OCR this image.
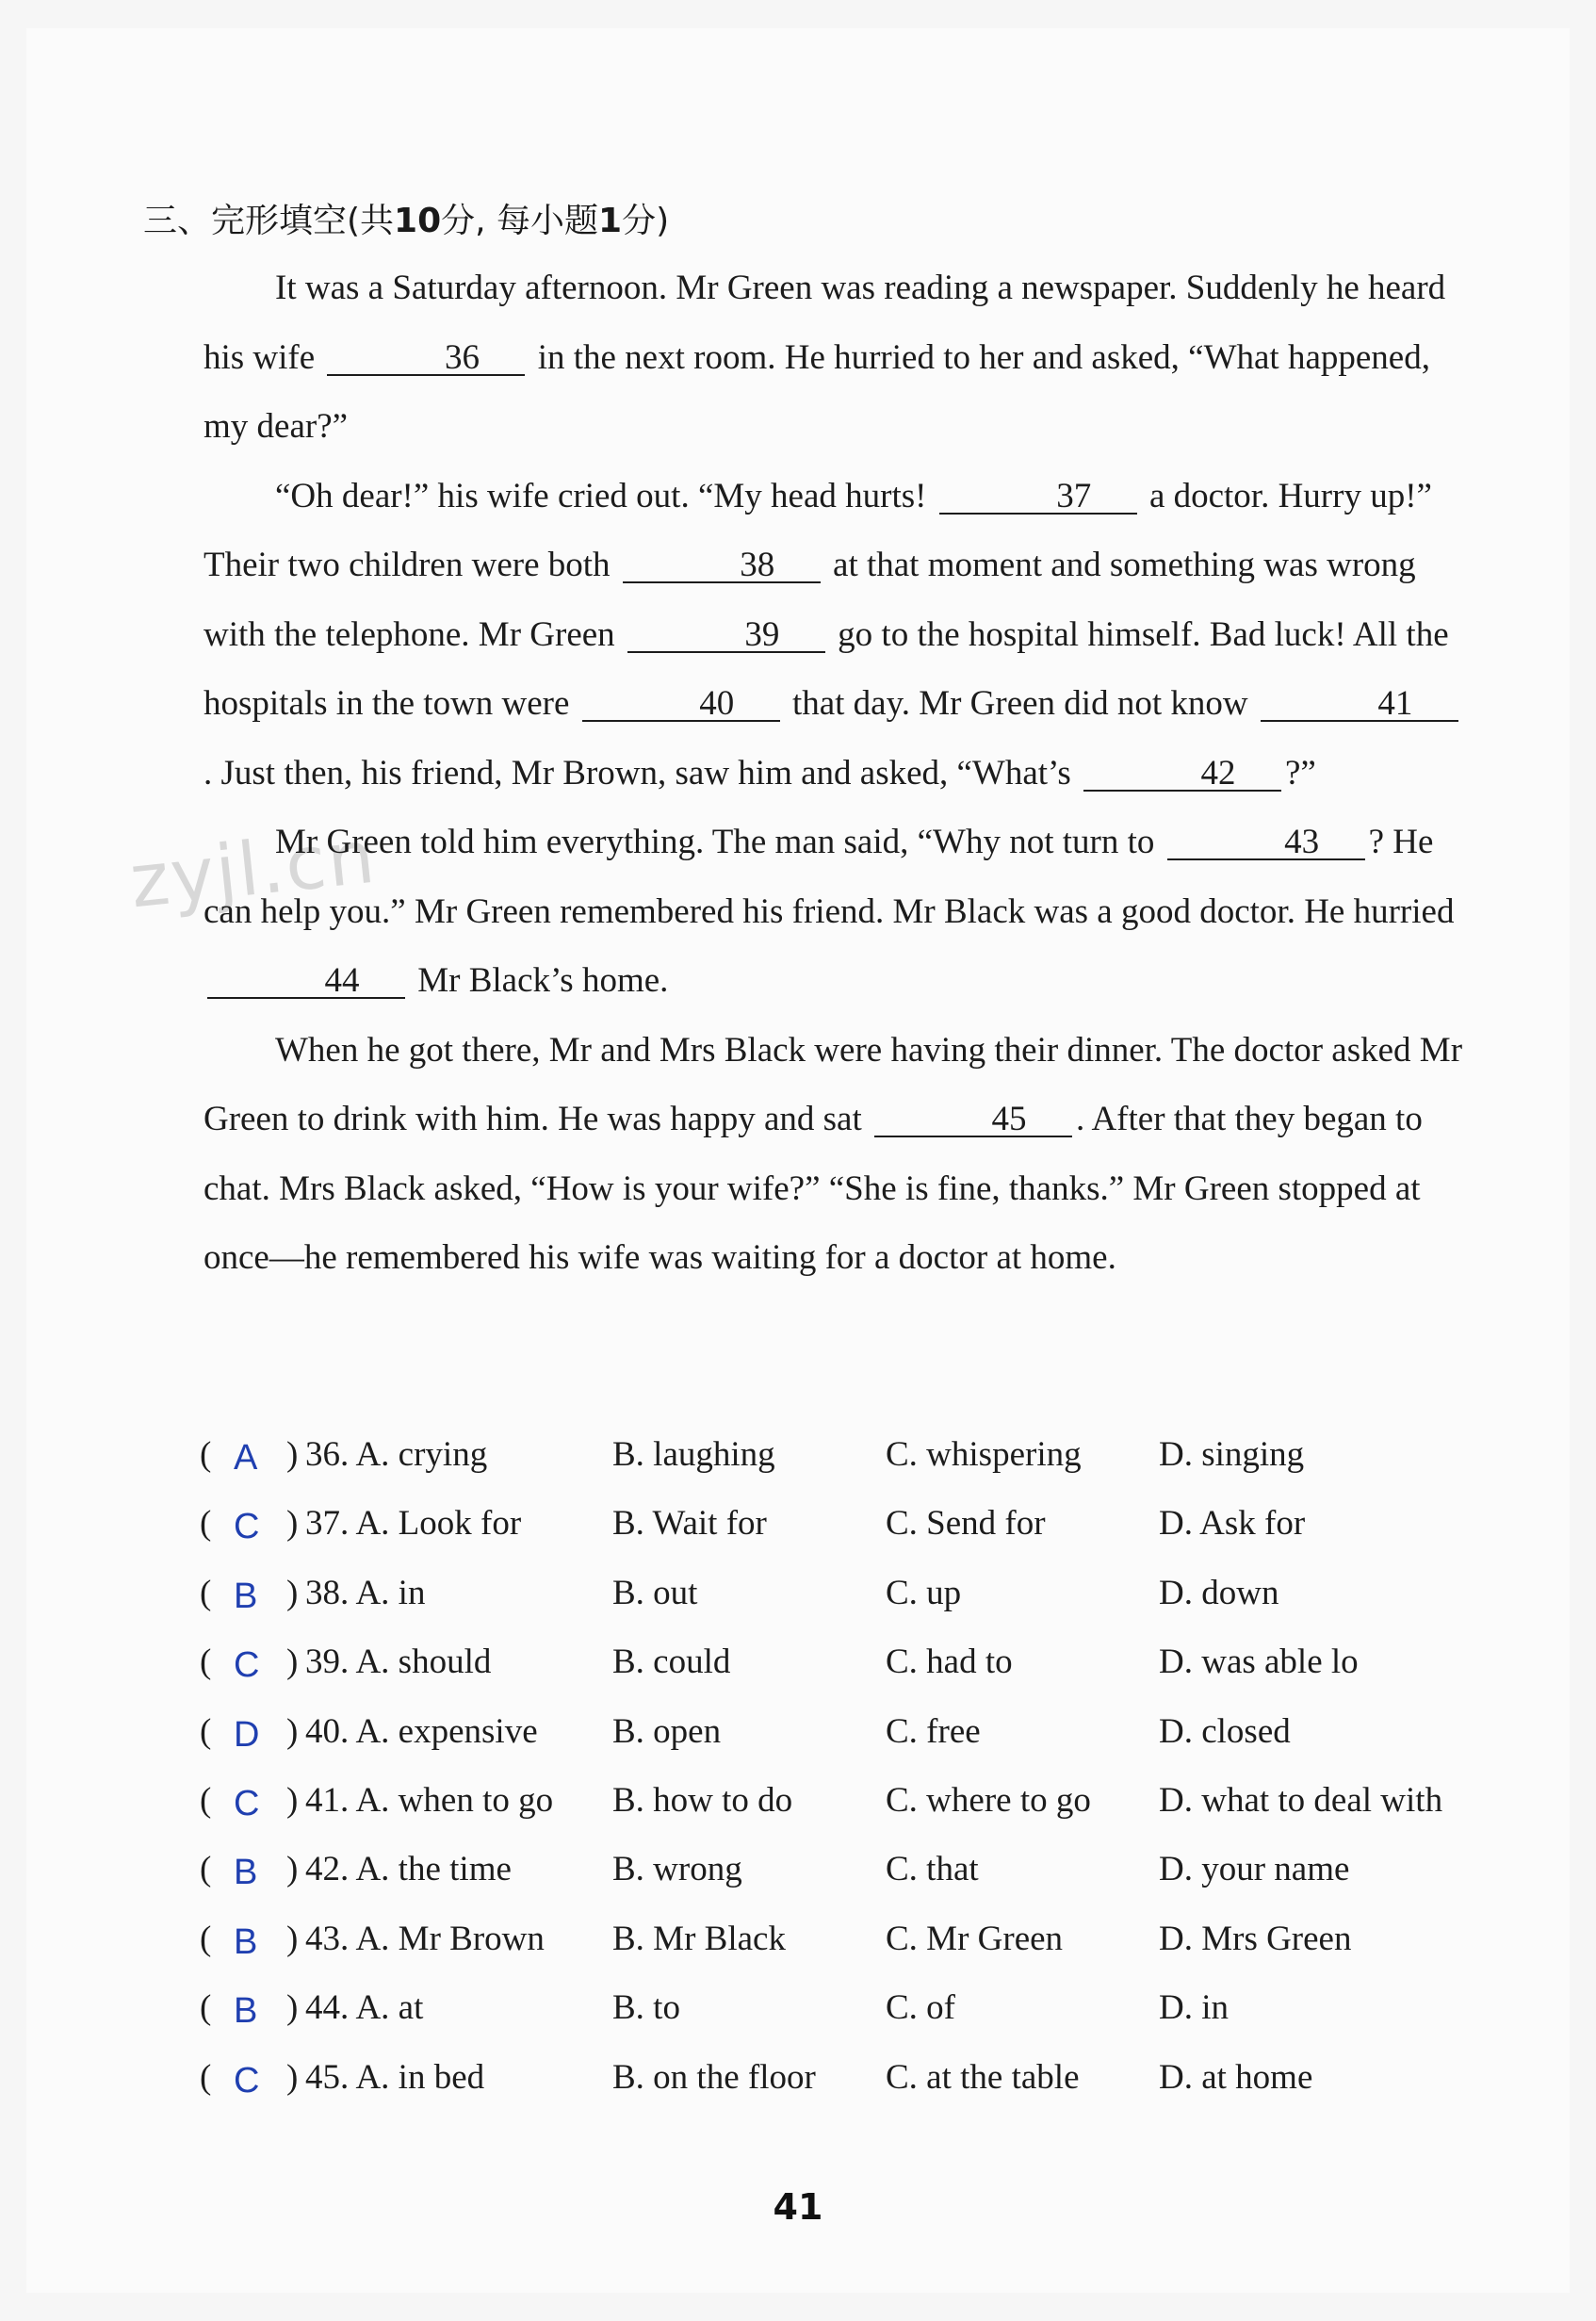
三、完形填空(共10分, 每小题1分)
zyjl.cn

It was a Saturday afternoon. Mr Green was reading a newspaper. Suddenly he heard his wife	36 in the next room. He hurried to her and asked, “What happened, my dear?”

“Oh dear!” his wife cried out. “My head hurts!	37 a doctor. Hurry up!” Their two children were both	38 at that moment and something was wrong with the telephone. Mr Green	39 go to the hospital himself. Bad luck! All the hospitals in the town were	40 that day. Mr Green did not know	41. Just then, his friend, Mr Brown, saw him and asked, “What’s	42 ?”

Mr Green told him everything. The man said, “Why not turn to	43 ? He can help you.” Mr Green remembered his friend. Mr Black was a good doctor. He hurried 44 Mr Black’s home.

When he got there, Mr and Mrs Black were having their dinner. The doctor asked Mr Green to drink with him. He was happy and sat	45 . After that they began to chat. Mrs Black asked, “How is your wife?” “She is fine, thanks.” Mr Green stopped at once—he remembered his wife was waiting for a doctor at home.

( A ) 36. A. crying	B. laughing	C. whispering D. singing
( C ) 37. A. Look for	B. Wait for	C. Send for	D. Ask for
( B ) 38. A. in	B. out	C. up	D. down
( C ) 39. A. should	B. could	C. had to	D. was able lo
( D ) 40. A. expensive B. open	C. free	D. closed
( C ) 41. A. when to go B. how to do	C. where to go D. what to deal with
( B ) 42. A. the time	B. wrong	C. that	D. your name
( B ) 43. A. Mr Brown B. Mr Black	C. Mr Green	D. Mrs Green
( B ) 44. A. at	B. to	C. of	D. in
( C ) 45. A. in bed	B. on the floor C. at the table D. at home
41
